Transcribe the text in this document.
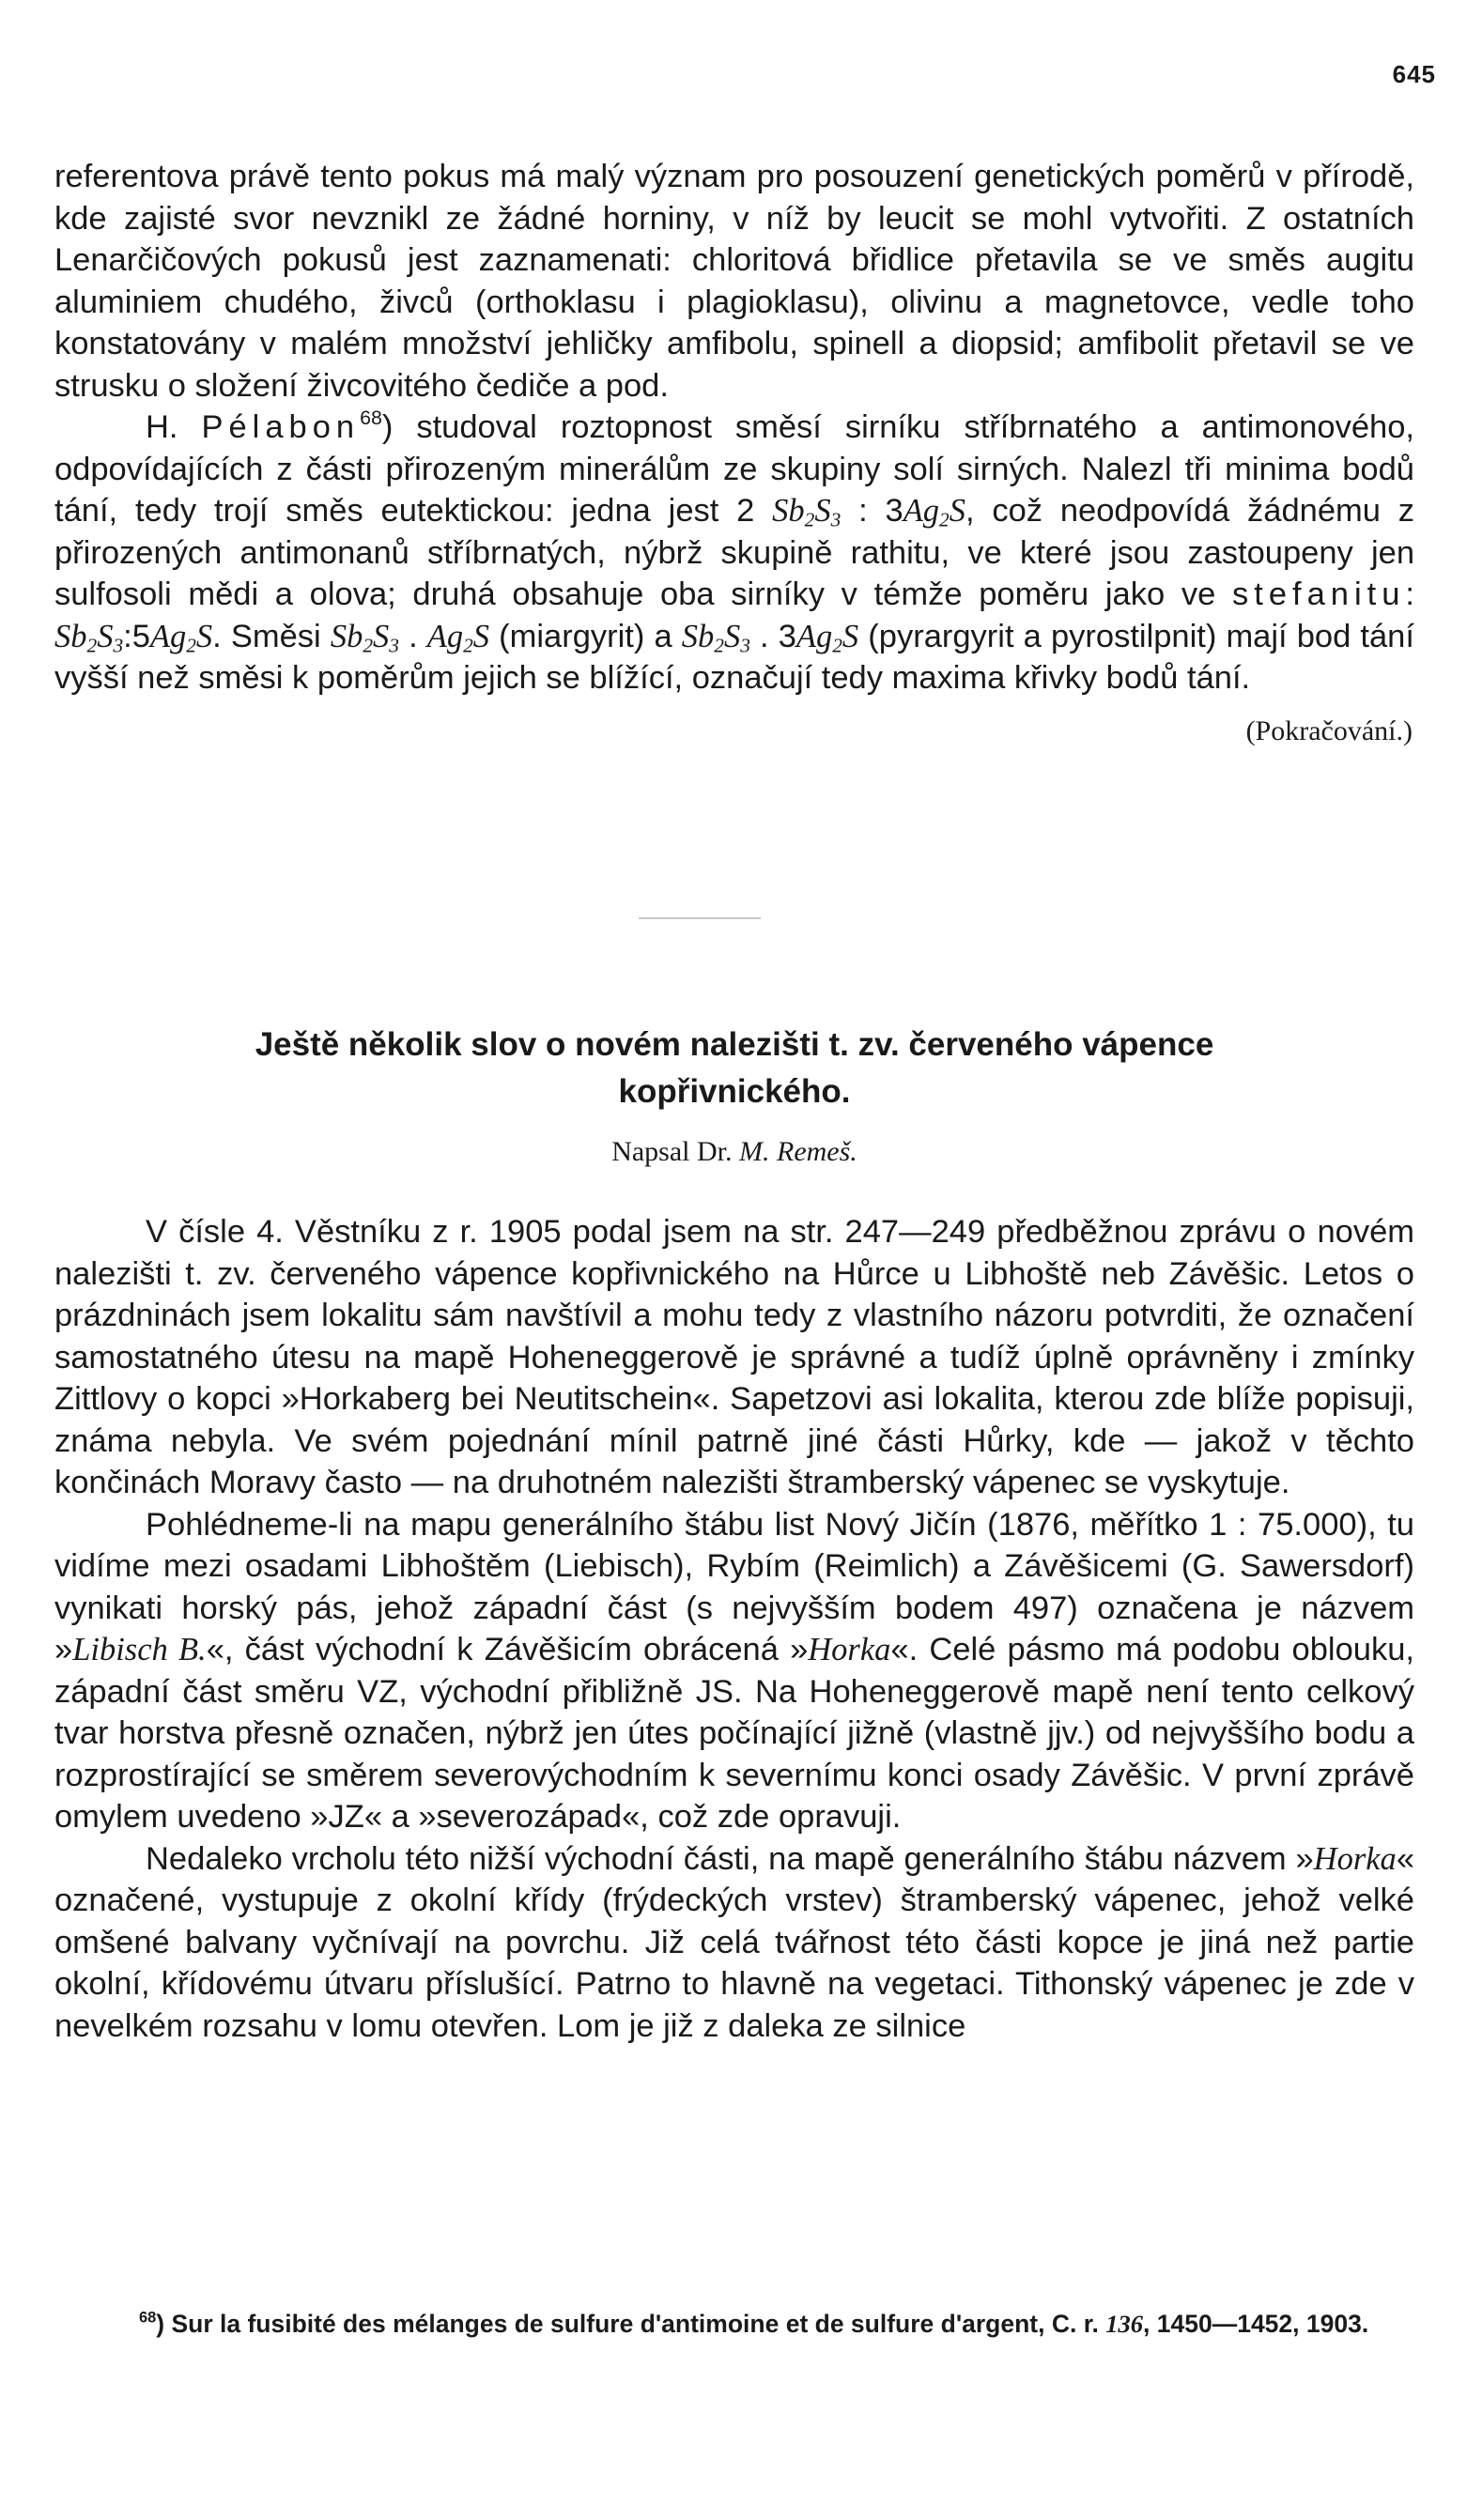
645

referentova právě tento pokus má malý význam pro posouzení genetických poměrů v přírodě, kde zajisté svor nevznikl ze žádné horniny, v níž by leucit se mohl vytvořiti. Z ostatních Lenarčičových pokusů jest zaznamenati: chloritová břidlice přetavila se ve směs augitu aluminiem chudého, živců (orthoklasu i plagioklasu), olivinu a magnetovce, vedle toho konstatovány v malém množství jehličky amfibolu, spinell a diopsid; amfibolit přetavil se ve strusku o složení živcovitého čediče a pod.

H. Pélabon$^{68}$) studoval roztopnost směsí sirníku stříbrnatého a antimonového, odpovídajících z části přirozeným minerálům ze skupiny solí sirných. Nalezl tři minima bodů tání, tedy trojí směs eutektickou: jedna jest 2 $Sb_2S_3$ : $3Ag_2S$, což neodpovídá žádnému z přirozených antimonanů stříbrnatých, nýbrž skupině rathitu, ve které jsou zastoupeny jen sulfosoli mědi a olova; druhá obsahuje oba sirníky v témže poměru jako ve stefanitu: $Sb_2S_3:5Ag_2S$. Směsi $Sb_2S_3$ . $Ag_2S$ (miargyrit) a $Sb_2S_3$ . $3Ag_2S$ (pyrargyrit a pyrostilpnit) mají bod tání vyšší než směsi k poměrům jejich se blížící, označují tedy maxima křivky bodů tání.

(Pokračování.)

Ještě několik slov o novém nalezišti t. zv. červeného vápence
kopřivnického.
Napsal Dr. M. Remeš.

V čísle 4. Věstníku z r. 1905 podal jsem na str. 247—249 předběžnou zprávu o novém nalezišti t. zv. červeného vápence kopřivnického na Hůrce u Libhoště neb Závěšic. Letos o prázdninách jsem lokalitu sám navštívil a mohu tedy z vlastního názoru potvrditi, že označení samostatného útesu na mapě Hoheneggerově je správné a tudíž úplně oprávněny i zmínky Zittlovy o kopci »Horkaberg bei Neutitschein«. Sapetzovi asi lokalita, kterou zde blíže popisuji, známa nebyla. Ve svém pojednání mínil patrně jiné části Hůrky, kde — jakož v těchto končinách Moravy často — na druhotném nalezišti štramberský vápenec se vyskytuje.

Pohlédneme-li na mapu generálního štábu list Nový Jičín (1876, měřítko 1 : 75.000), tu vidíme mezi osadami Libhoštěm (Liebisch), Rybím (Reimlich) a Závěšicemi (G. Sawersdorf) vynikati horský pás, jehož západní část (s nejvyšším bodem 497) označena je názvem »Libisch B.«, část východní k Závěšicím obrácená »Horka«. Celé pásmo má podobu oblouku, západní část směru VZ, východní přibližně JS. Na Hoheneggerově mapě není tento celkový tvar horstva přesně označen, nýbrž jen útes počínající jižně (vlastně jjv.) od nejvyššího bodu a rozprostírající se směrem severovýchodním k severnímu konci osady Závěšic. V první zprávě omylem uvedeno »JZ« a »severozápad«, což zde opravuji.

Nedaleko vrcholu této nižší východní části, na mapě generálního štábu názvem »Horka« označené, vystupuje z okolní křídy (frýdeckých vrstev) štramberský vápenec, jehož velké omšené balvany vyčnívají na povrchu. Již celá tvářnost této části kopce je jiná než partie okolní, křídovému útvaru příslušící. Patrno to hlavně na vegetaci. Tithonský vápenec je zde v nevelkém rozsahu v lomu otevřen. Lom je již z daleka ze silnice

$^{68}$) Sur la fusibité des mélanges de sulfure d'antimoine et de sulfure d'argent, C. r. 136, 1450—1452, 1903.
